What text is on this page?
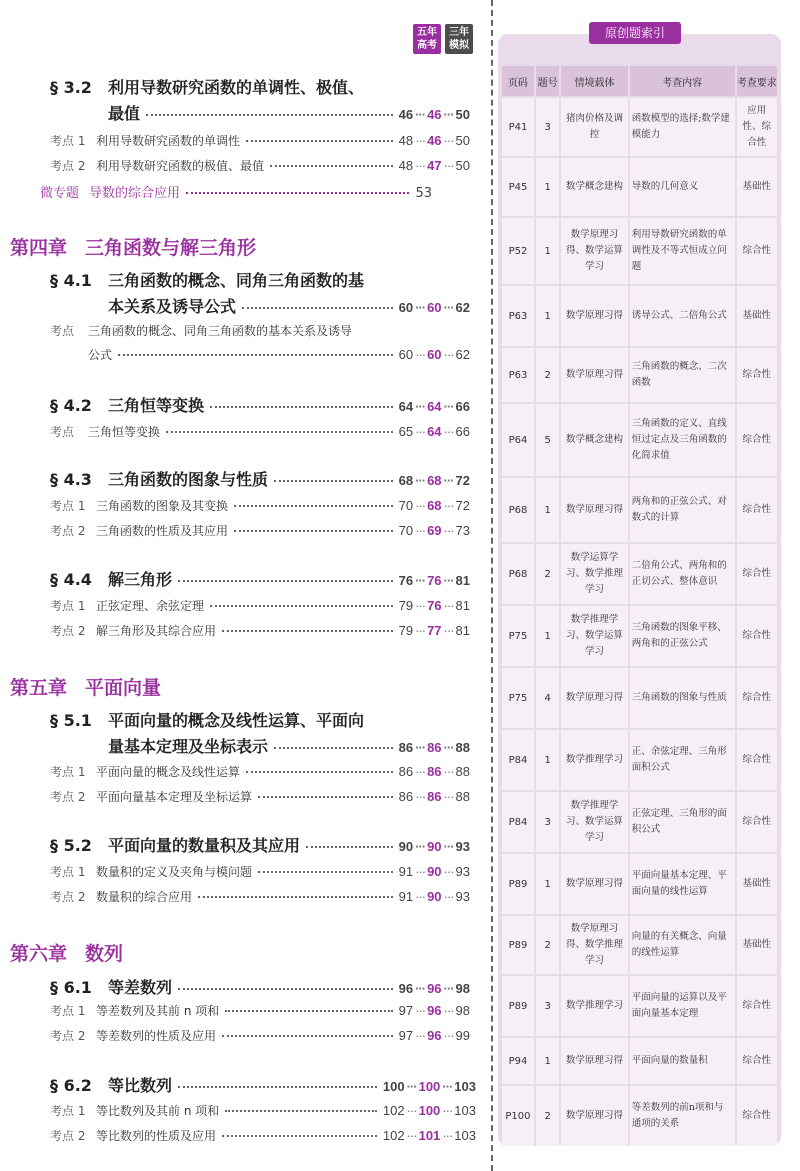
五年高考
三年模拟
§ 3.2	利用导数研究函数的单调性、极值、
最值	46 ··· 46 ··· 50
考点 1 利用导数研究函数的单调性	48 ··· 46 ··· 50
考点 2 利用导数研究函数的极值、最值	48 ··· 47 ··· 50
微专题 导数的综合应用	53
第四章 三角函数与解三角形
§ 4.1	三角函数的概念、同角三角函数的基
本关系及诱导公式	60 ··· 60 ··· 62
考点	三角函数的概念、同角三角函数的基本关系及诱导
公式	60 ··· 60 ··· 62
§ 4.2	三角恒等变换	64 ··· 64 ··· 66
考点	三角恒等变换	65 ··· 64 ··· 66
§ 4.3	三角函数的图象与性质	68 ··· 68 ··· 72
考点 1 三角函数的图象及其变换	70 ··· 68 ··· 72
考点 2 三角函数的性质及其应用	70 ··· 69 ··· 73
§ 4.4	解三角形	76 ··· 76 ··· 81
考点 1 正弦定理、余弦定理	79 ··· 76 ··· 81
考点 2 解三角形及其综合应用	79 ··· 77 ··· 81
第五章 平面向量
§ 5.1	平面向量的概念及线性运算、平面向
量基本定理及坐标表示	86 ··· 86 ··· 88
考点 1 平面向量的概念及线性运算	86 ··· 86 ··· 88
考点 2 平面向量基本定理及坐标运算	86 ··· 86 ··· 88
§ 5.2	平面向量的数量积及其应用	90 ··· 90 ··· 93
考点 1 数量积的定义及夹角与模问题	91 ··· 90 ··· 93
考点 2 数量积的综合应用	91 ··· 90 ··· 93
第六章 数列
§ 6.1	等差数列	96 ··· 96 ··· 98
考点 1 等差数列及其前 n 项和	97 ··· 96 ··· 98
考点 2 等差数列的性质及应用	97 ··· 96 ··· 99
§ 6.2	等比数列	100 ··· 100 ··· 103
考点 1 等比数列及其前 n 项和	102 ··· 100 ··· 103
考点 2 等比数列的性质及应用	102 ··· 101 ··· 103
原创题索引
页码	题号	情境载体	考查内容	考查要求
P41	3	猪肉价格及调控	函数模型的选择;数学建模能力	应用性、综合性
P45	1	数学概念建构	导数的几何意义	基础性
P52	1	数学原理习得、数学运算学习	利用导数研究函数的单调性及不等式恒成立问题	综合性
P63	1	数学原理习得	诱导公式、二倍角公式	基础性
P63	2	数学原理习得	三角函数的概念、二次函数	综合性
P64	5	数学概念建构	三角函数的定义、直线恒过定点及三角函数的化简求值	综合性
P68	1	数学原理习得	两角和的正弦公式、对数式的计算	综合性
P68	2	数学运算学习、数学推理学习	二倍角公式、两角和的正切公式、整体意识	综合性
P75	1	数学推理学习、数学运算学习	三角函数的图象平移、两角和的正弦公式	综合性
P75	4	数学原理习得	三角函数的图象与性质	综合性
P84	1	数学推理学习	正、余弦定理、三角形面积公式	综合性
P84	3	数学推理学习、数学运算学习	正弦定理、三角形的面积公式	综合性
P89	1	数学原理习得	平面向量基本定理、平面向量的线性运算	基础性
P89	2	数学原理习得、数学推理学习	向量的有关概念、向量的线性运算	基础性
P89	3	数学推理学习	平面向量的运算以及平面向量基本定理	综合性
P94	1	数学原理习得	平面向量的数量积	综合性
P100	2	数学原理习得	等差数列的前n项和与通项的关系	综合性
